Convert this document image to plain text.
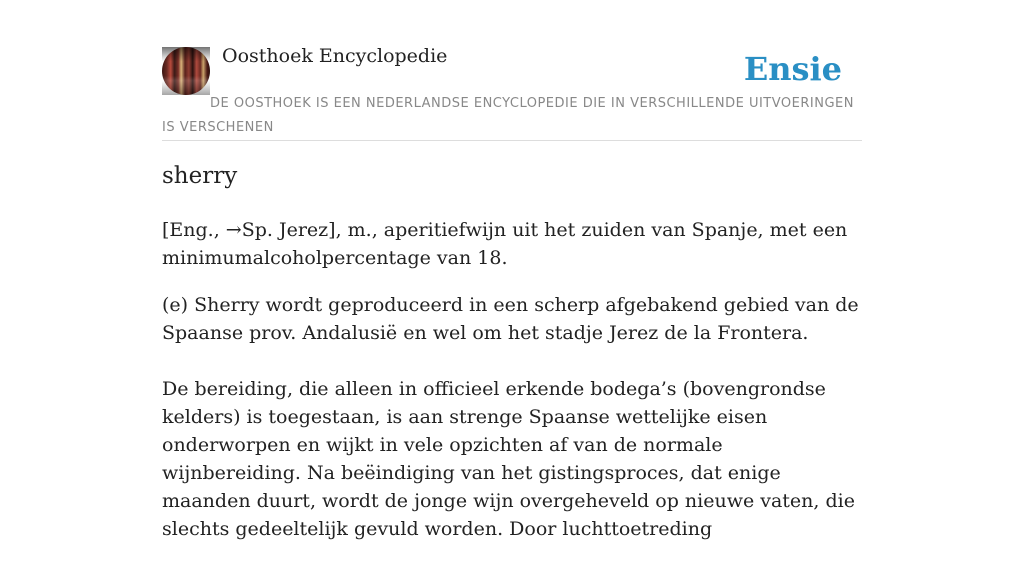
Oosthoek Encyclopedie	Ensie
DE OOSTHOEK IS EEN NEDERLANDSE ENCYCLOPEDIE DIE IN VERSCHILLENDE UITVOERINGEN IS VERSCHENEN
sherry

[Eng., →Sp. Jerez], m., aperitiefwijn uit het zuiden van Spanje, met een minimumalcoholpercentage van 18.

(e) Sherry wordt geproduceerd in een scherp afgebakend gebied van de Spaanse prov. Andalusië en wel om het stadje Jerez de la Frontera.

De bereiding, die alleen in officieel erkende bodega’s (bovengrondse kelders) is toegestaan, is aan strenge Spaanse wettelijke eisen onderworpen en wijkt in vele opzichten af van de normale wijnbereiding. Na beëindiging van het gistingsproces, dat enige maanden duurt, wordt de jonge wijn overgeheveld op nieuwe vaten, die slechts gedeeltelijk gevuld worden. Door luchttoetreding
